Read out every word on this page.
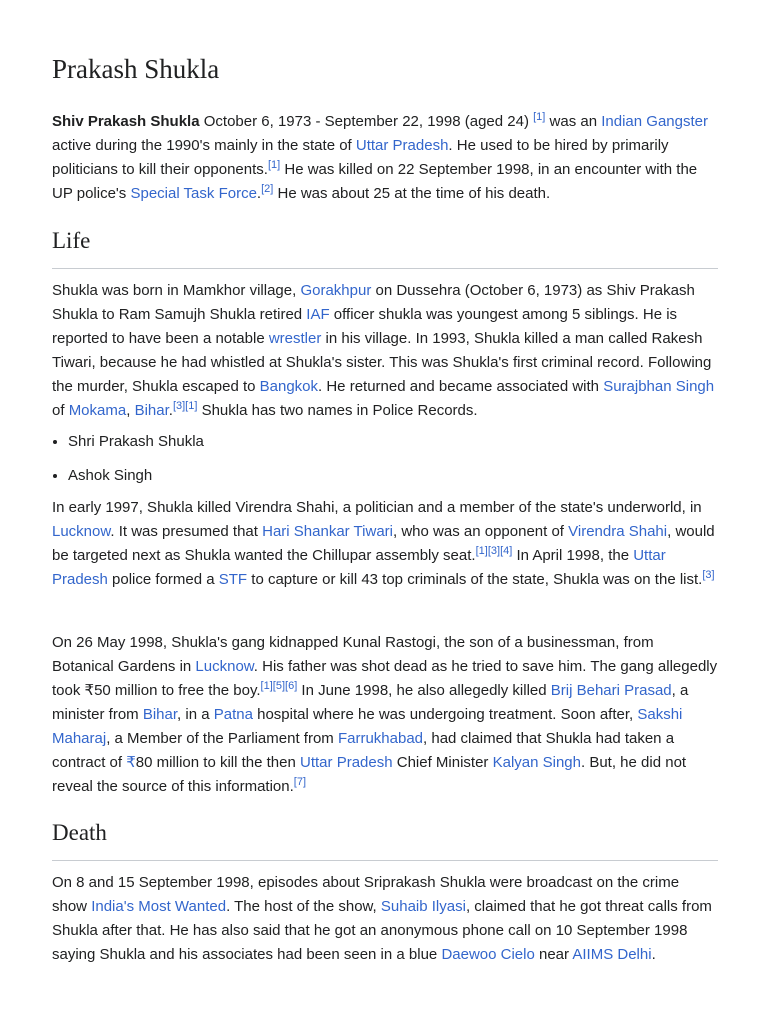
Prakash Shukla

Shiv Prakash Shukla October 6, 1973 - September 22, 1998 (aged 24) [1] was an Indian Gangster active during the 1990's mainly in the state of Uttar Pradesh. He used to be hired by primarily politicians to kill their opponents.[1] He was killed on 22 September 1998, in an encounter with the UP police's Special Task Force.[2] He was about 25 at the time of his death.

Life

Shukla was born in Mamkhor village, Gorakhpur on Dussehra (October 6, 1973) as Shiv Prakash Shukla to Ram Samujh Shukla retired IAF officer shukla was youngest among 5 siblings. He is reported to have been a notable wrestler in his village. In 1993, Shukla killed a man called Rakesh Tiwari, because he had whistled at Shukla's sister. This was Shukla's first criminal record. Following the murder, Shukla escaped to Bangkok. He returned and became associated with Surajbhan Singh of Mokama, Bihar.[3][1] Shukla has two names in Police Records.

• Shri Prakash Shukla
• Ashok Singh

In early 1997, Shukla killed Virendra Shahi, a politician and a member of the state's underworld, in Lucknow. It was presumed that Hari Shankar Tiwari, who was an opponent of Virendra Shahi, would be targeted next as Shukla wanted the Chillupar assembly seat.[1][3][4] In April 1998, the Uttar Pradesh police formed a STF to capture or kill 43 top criminals of the state, Shukla was on the list.[3]

On 26 May 1998, Shukla's gang kidnapped Kunal Rastogi, the son of a businessman, from Botanical Gardens in Lucknow. His father was shot dead as he tried to save him. The gang allegedly took ₹50 million to free the boy.[1][5][6] In June 1998, he also allegedly killed Brij Behari Prasad, a minister from Bihar, in a Patna hospital where he was undergoing treatment. Soon after, Sakshi Maharaj, a Member of the Parliament from Farrukhabad, had claimed that Shukla had taken a contract of ₹80 million to kill the then Uttar Pradesh Chief Minister Kalyan Singh. But, he did not reveal the source of this information.[7]

Death

On 8 and 15 September 1998, episodes about Sriprakash Shukla were broadcast on the crime show India's Most Wanted. The host of the show, Suhaib Ilyasi, claimed that he got threat calls from Shukla after that. He has also said that he got an anonymous phone call on 10 September 1998 saying Shukla and his associates had been seen in a blue Daewoo Cielo near AIIMS Delhi.
